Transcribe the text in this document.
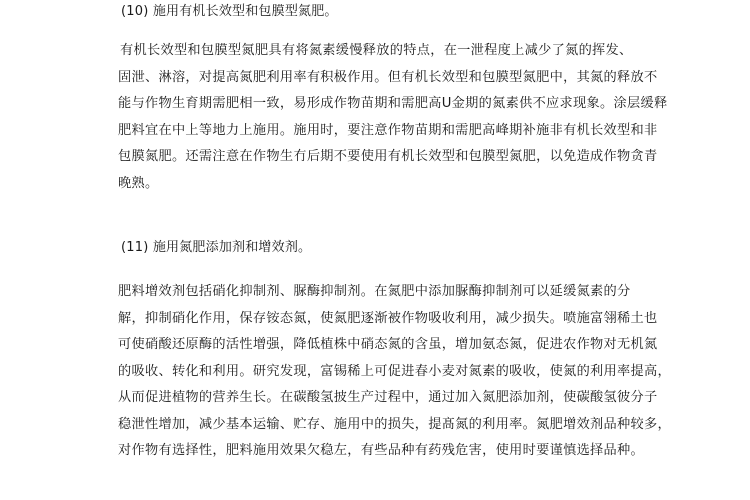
(10) 施用有机长效型和包膜型氮肥。
有机长效型和包膜型氮肥具有将氮素缓慢释放的特点，在一泄程度上减少了氮的挥发、
固泄、淋溶，对提高氮肥利用率有积极作用。但有机长效型和包膜型氮肥中，其氮的释放不
能与作物生育期需肥相一致，易形成作物苗期和需肥高U金期的氮素供不应求现象。涂层缓释
肥料宜在中上等地力上施用。施用时，要注意作物苗期和需肥高峰期补施非有机长效型和非
包膜氮肥。还需注意在作物生冇后期不要使用有机长效型和包膜型氮肥，以免造成作物贪青
晚熟。
(11) 施用氮肥添加剂和增效剂。
肥料增效剂包括硝化抑制剂、脲酶抑制剂。在氮肥中添加脲酶抑制剂可以延缓氮素的分
解，抑制硝化作用，保存铵态氮，使氮肥逐渐被作物吸收利用，减少损失。喷施富翎稀土也
可使硝酸还原酶的活性增强，降低植株中硝态氮的含虽，增加氨态氮，促进农作物对无机氮
的吸收、转化和利用。研究发现，富锡稀上可促进春小麦对氮素的吸收，使氮的利用率提高，
从而促进植物的营养生长。在碳酸氢披生产过程中，通过加入氮肥添加剂，使碳酸氢彼分子
稳泄性增加，减少基本运输、贮存、施用中的损失，提髙氮的利用率。氮肥增效剂品种较多，
对作物有选择性，肥料施用效果欠稳左，有些品种有药残危害，使用时要谨慎选择品种。
